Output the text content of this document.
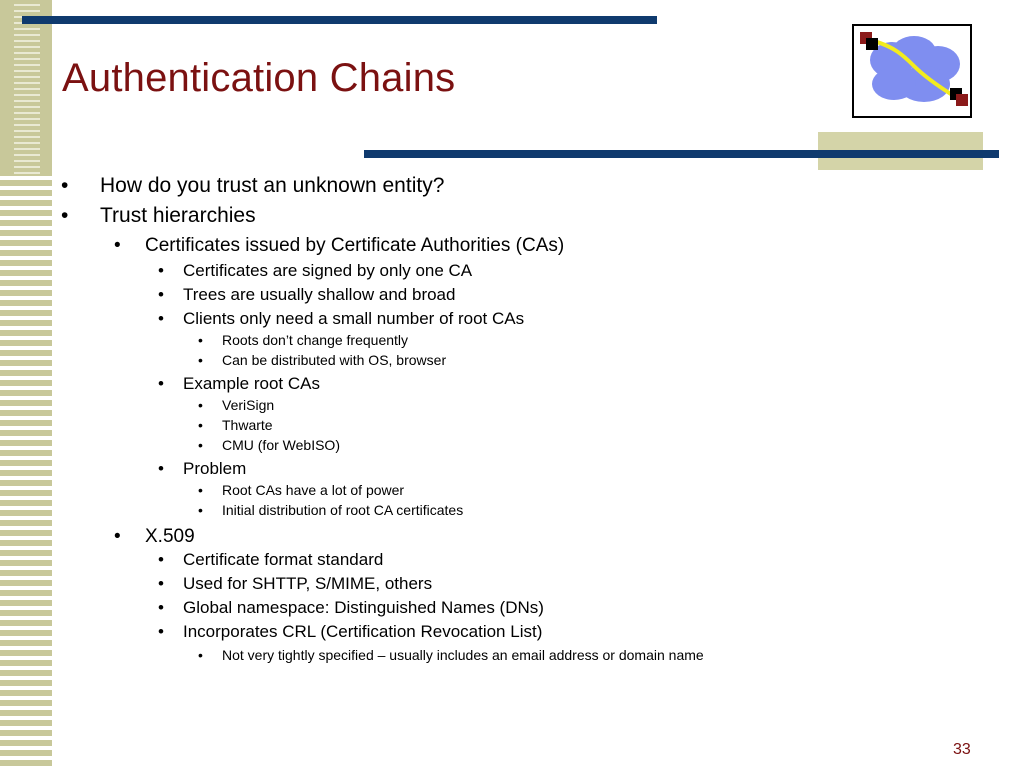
Authentication Chains
• How do you trust an unknown entity?
• Trust hierarchies
• Certificates issued by Certificate Authorities (CAs)
• Certificates are signed by only one CA
• Trees are usually shallow and broad
• Clients only need a small number of root CAs
• Roots don’t change frequently
• Can be distributed with OS, browser
• Example root CAs
• VeriSign
• Thwarte
• CMU (for WebISO)
• Problem
• Root CAs have a lot of power
• Initial distribution of root CA certificates
• X.509
• Certificate format standard
• Used for SHTTP, S/MIME, others
• Global namespace: Distinguished Names (DNs)
• Incorporates CRL (Certification Revocation List)
• Not very tightly specified – usually includes an email address or domain name
33
